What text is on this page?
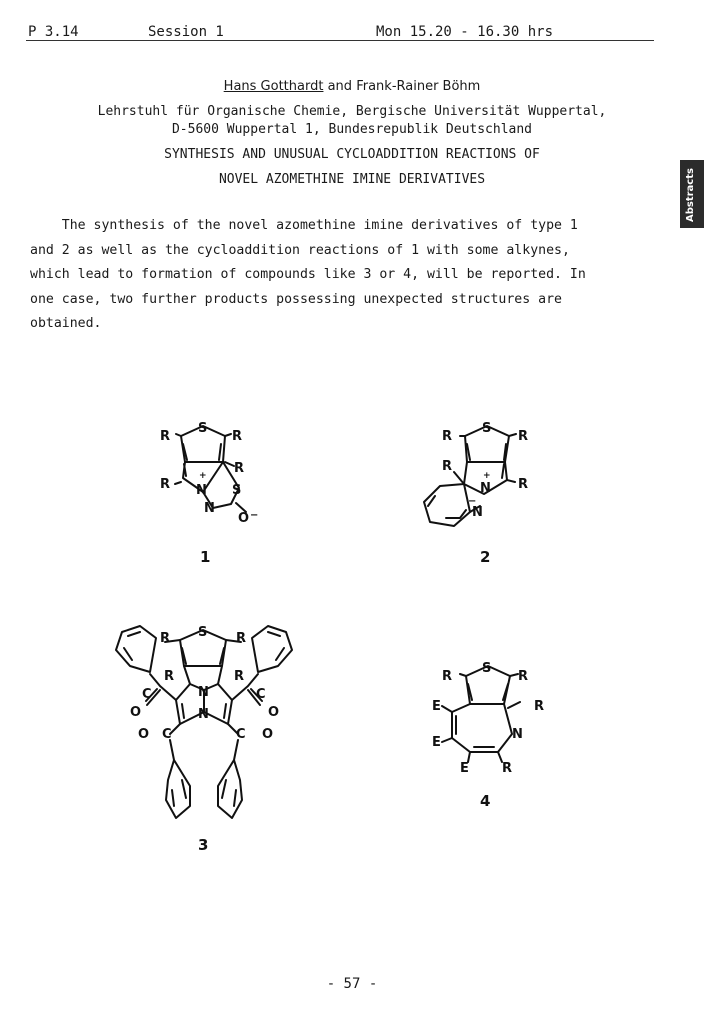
P 3.14	Session 1	Mon 15.20 - 16.30 hrs
Abstracts
Hans Gotthardt and Frank-Rainer Böhm
Lehrstuhl für Organische Chemie, Bergische Universität Wuppertal,
D-5600 Wuppertal 1, Bundesrepublik Deutschland
SYNTHESIS AND UNUSUAL CYCLOADDITION REACTIONS OF
NOVEL AZOMETHINE IMINE DERIVATIVES
The synthesis of the novel azomethine imine derivatives of type 1
and 2 as well as the cycloaddition reactions of 1 with some alkynes,
which lead to formation of compounds like 3 or 4, will be reported. In
one case, two further products possessing unexpected structures are
obtained.
R
S
R
R
R N S
N
O
1
R
S
R
R
R
N
N
2
R S R
R	R
N
N
C
O
C
O
O C	C O
3
R
S
R
R
E
E
N
E	R
4
+
−
+
−
- 57 -
